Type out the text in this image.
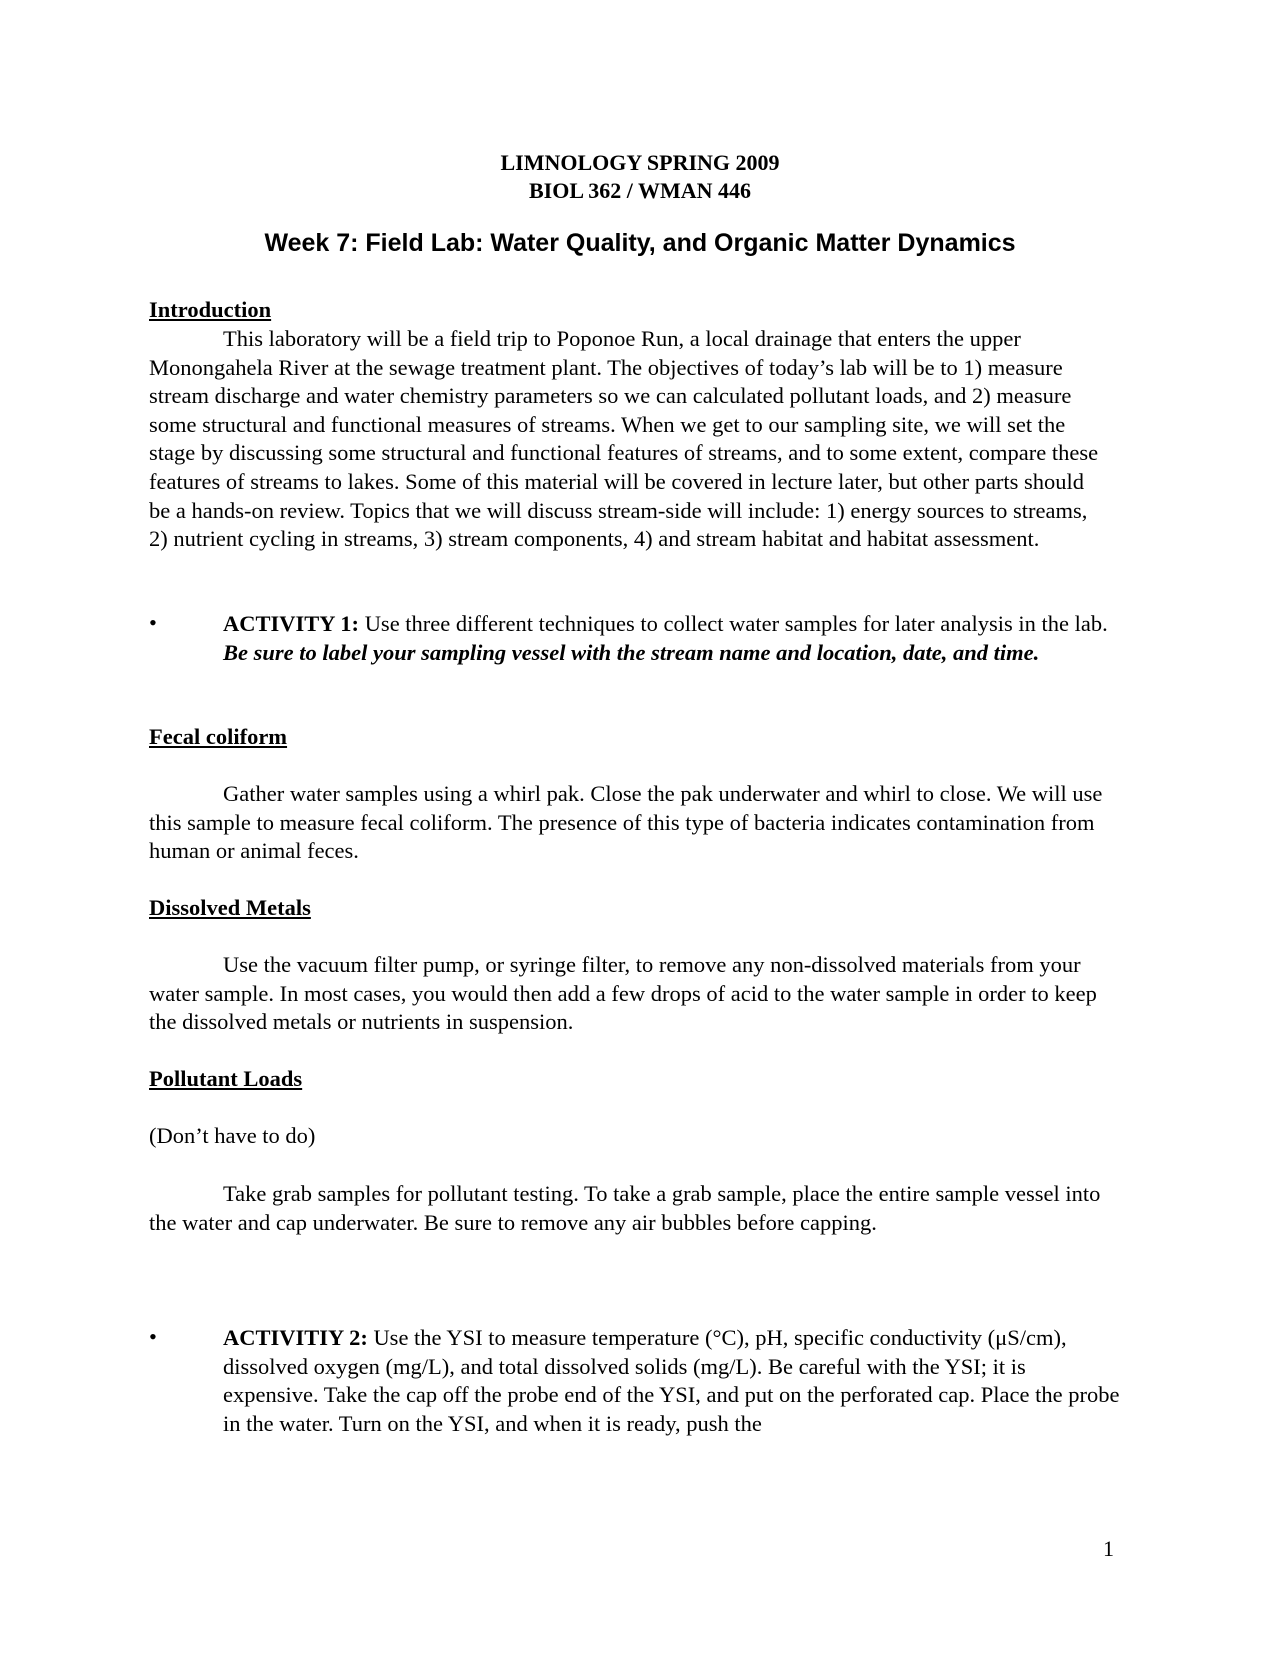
LIMNOLOGY SPRING 2009
BIOL 362 / WMAN 446
Week 7: Field Lab: Water Quality, and Organic Matter Dynamics
Introduction
This laboratory will be a field trip to Poponoe Run, a local drainage that enters the upper Monongahela River at the sewage treatment plant. The objectives of today’s lab will be to 1) measure stream discharge and water chemistry parameters so we can calculated pollutant loads, and 2) measure some structural and functional measures of streams. When we get to our sampling site, we will set the stage by discussing some structural and functional features of streams, and to some extent, compare these features of streams to lakes. Some of this material will be covered in lecture later, but other parts should be a hands-on review. Topics that we will discuss stream-side will include: 1) energy sources to streams, 2) nutrient cycling in streams, 3) stream components, 4) and stream habitat and habitat assessment.
•	ACTIVITY 1: Use three different techniques to collect water samples for later analysis in the lab. Be sure to label your sampling vessel with the stream name and location, date, and time.
Fecal coliform
Gather water samples using a whirl pak. Close the pak underwater and whirl to close. We will use this sample to measure fecal coliform. The presence of this type of bacteria indicates contamination from human or animal feces.
Dissolved Metals
Use the vacuum filter pump, or syringe filter, to remove any non-dissolved materials from your water sample. In most cases, you would then add a few drops of acid to the water sample in order to keep the dissolved metals or nutrients in suspension.
Pollutant Loads
(Don’t have to do)
Take grab samples for pollutant testing. To take a grab sample, place the entire sample vessel into the water and cap underwater. Be sure to remove any air bubbles before capping.
•	ACTIVITIY 2: Use the YSI to measure temperature (°C), pH, specific conductivity (μS/cm), dissolved oxygen (mg/L), and total dissolved solids (mg/L). Be careful with the YSI; it is expensive. Take the cap off the probe end of the YSI, and put on the perforated cap. Place the probe in the water. Turn on the YSI, and when it is ready, push the
1
